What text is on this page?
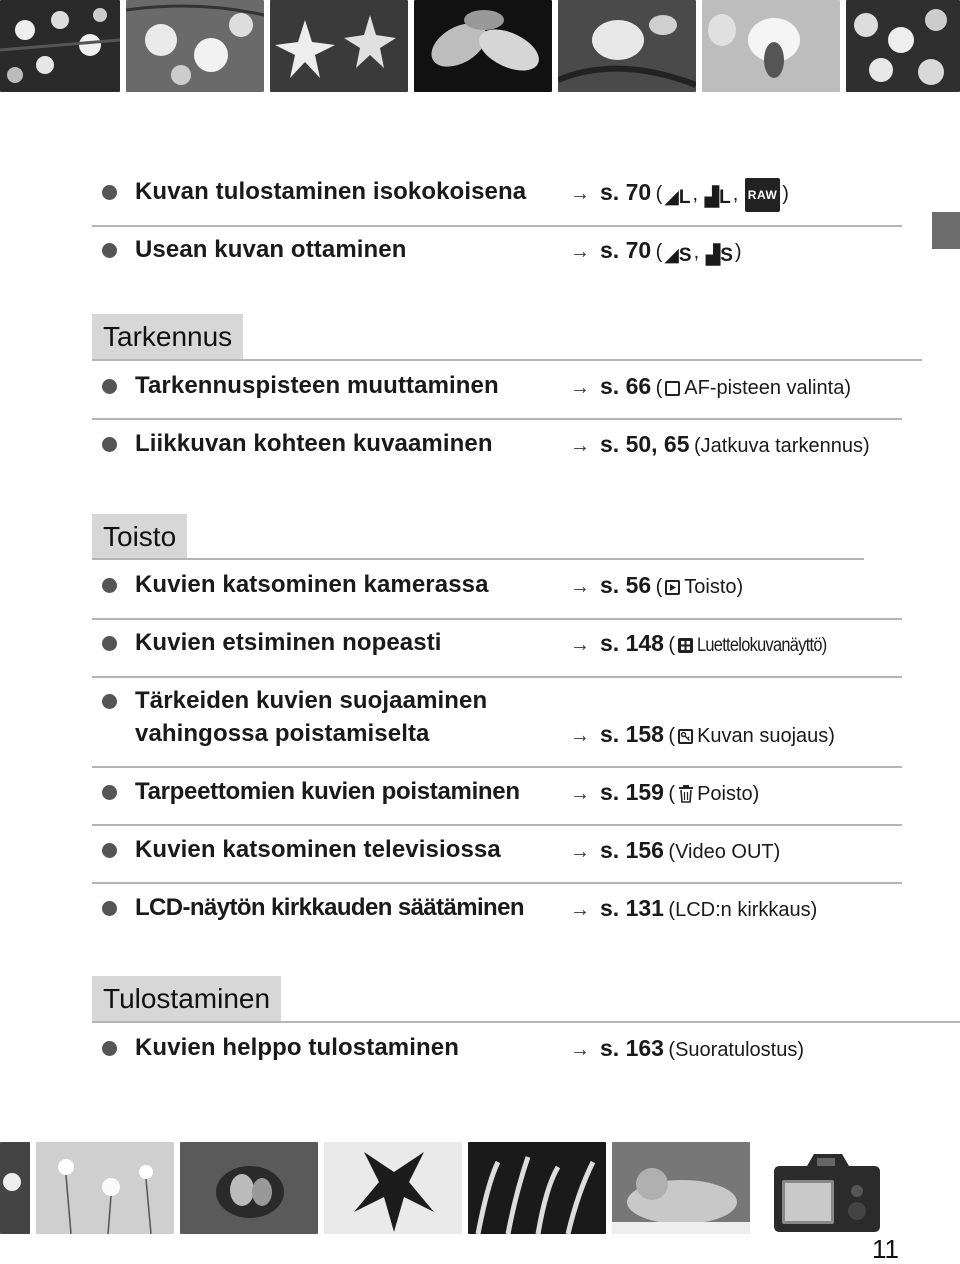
Kuvan tulostaminen isokokoisena → s. 70 ( ◢L , ▟L , RAW )
Usean kuvan ottaminen	→ s. 70 ( ◢S , ▟S )
Tarkennus
Tarkennuspisteen muuttaminen	→ s. 66 ( AF-pisteen valinta)
Liikkuvan kohteen kuvaaminen	→ s. 50, 65 (Jatkuva tarkennus)
Toisto
Kuvien katsominen kamerassa	→ s. 56 ( Toisto)
Kuvien etsiminen nopeasti	→ s. 148 ( Luettelokuvanäyttö)
Tärkeiden kuvien suojaaminen
vahingossa poistamiselta	→ s. 158 ( Kuvan suojaus)
Tarpeettomien kuvien poistaminen → s. 159 ( Poisto)
Kuvien katsominen televisiossa	→ s. 156 (Video OUT)
LCD-näytön kirkkauden säätäminen → s. 131 (LCD:n kirkkaus)
Tulostaminen
Kuvien helppo tulostaminen	→ s. 163 (Suoratulostus)
11
